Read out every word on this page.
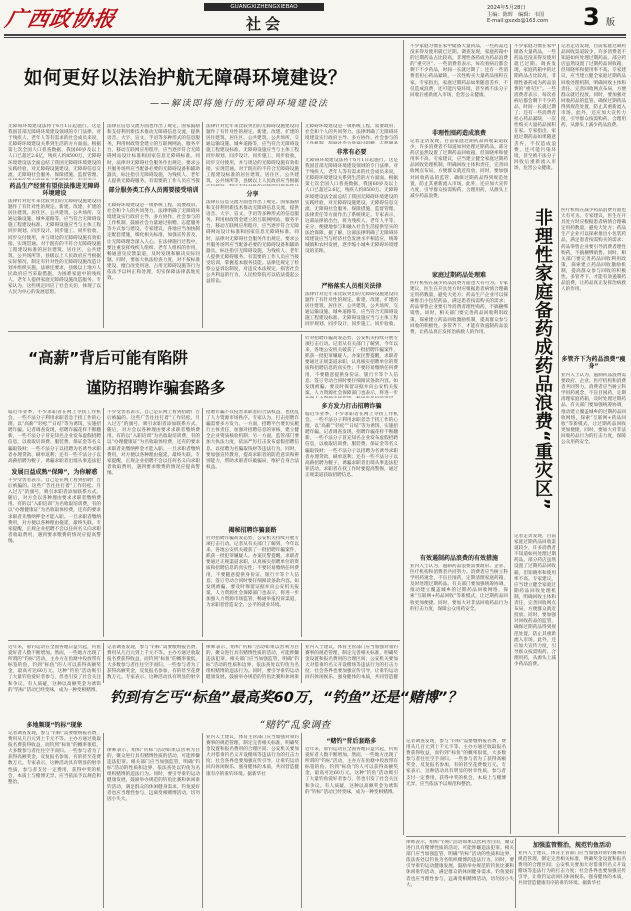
广西政协报	GUANGXIZHENGXIEBAO
社会
2024年5月28日
主编：陈辉　编辑：韦国
E-mail:gxzxb@163.com	3 版
如何更好以法治护航无障碍环境建设？
——解读即将施行的无障碍环境建设法
无障碍环境建设法将于6月1日起施行。这是我国首部无障碍环境建设领域的专门法律。对于残疾人、老年人等有需求的社会成员来说，无障碍环境建设关系到生活的方方面面。根据第七次全国人口普查数据，我国60岁及以上人口已超过2.6亿，残疾人约8500万。无障碍环境建设法全面总结了我国无障碍环境建设的实践经验，对无障碍设施建设、无障碍信息交流、无障碍社会服务、保障措施、监督管理、
药品生产经营有望依法推进无障碍环境建设
法律针对近年来比较突出的无障碍设施建设问题作了有针对性的规定。新建、改建、扩建的居住建筑、居住区、公共建筑、公共场所、交通运输设施、城乡道路等，应当符合无障碍设施工程建设标准。无障碍设施应当与主体工程同步规划、同步设计、同步施工、同步验收、同步交付使用，并与周边的无障碍设施有效衔接、实现贯通。对于既有的不符合无障碍设施工程建设标准的居住建筑、居住区、公共建筑、公共场所等，县级以上人民政府应当根据实际情况，制定有针对性的无障碍设施改造计划并组织实施。法律还要求，县级以上地方人民政府应当采取措施，为困难家庭中的残疾人、老年人提供家庭无障碍设施改造服务。专家认为，这些规定回应了社会关切，体现了以人民为中心的发展思想。
法律在信息交流方面也作出了规定。国家鼓励和支持利用新技术推动无障碍信息交流，提供语音、大字、盲文、手语等多种形式的信息服务。利用财政资金建立的互联网网站、服务平台、移动互联网应用程序，应当逐步符合无障碍网站设计标准和国家信息无障碍标准。同时，法律对无障碍社会服务作出规定，要求公共服务场所应当配备必要的无障碍设备和辅助器具，标注指引无障碍设施，为残疾人、老年人提供无障碍服务。有需要的工作人员应当接
部分服务类工作人员需要接受培训
无障碍环境建设是一项系统工程，需要政府、社会和个人的共同努力。法律明确了无障碍环境建设实行政府主导、多方协作、社会参与的工作机制，鼓励社会力量通过捐赠、志愿服务等方式参与建设。专家建议，各地应当加快制定配套措施，细化相关标准，加强宣传普及，让无障碍理念深入人心。在法律施行过程中，要注重发挥残疾人组织、老年人组织的作用，畅通意见反馈渠道，及时发现和解决实际问题。同时，要加大执法检查力度，对不按标准建设、擅自改变用途、占用无障碍设施等行为依法予以纠正和处理，切实保障法律落地见效。
法律针对近年来比较突出的无障碍设施建设问题作了有针对性的规定。新建、改建、扩建的居住建筑、居住区、公共建筑、公共场所、交通运输设施、城乡道路等，应当符合无障碍设施工程建设标准。无障碍设施应当与主体工程同步规划、同步设计、同步施工、同步验收、同步交付使用，并与周边的无障碍设施有效衔接、实现贯通。对于既有的不符合无障碍设施工程建设标准的居住建筑、居住区、公共建筑、公共场所等，县级以上人民政府应当根据
分享
法律在信息交流方面也作出了规定。国家鼓励和支持利用新技术推动无障碍信息交流，提供语音、大字、盲文、手语等多种形式的信息服务。利用财政资金建立的互联网网站、服务平台、移动互联网应用程序，应当逐步符合无障碍网站设计标准和国家信息无障碍标准。同时，法律对无障碍社会服务作出规定，要求公共服务场所应当配备必要的无障碍设备和辅助器具，标注指引无障碍设施，为残疾人、老年人提供无障碍服务。有需要的工作人员应当接受培训，掌握基本服务技能。法律还规定了检察公益诉讼制度，对违反本法规定，损害社会公共利益的行为，人民检察院可以依法提起公益诉讼。
无障碍环境建设是一项系统工程，需要政府、社会和个人的共同努力。法律明确了无障碍环境建设实行政府主导、多方协作、社会参与的
非常有必要
无障碍环境建设法将于6月1日起施行。这是我国首部无障碍环境建设领域的专门法律。对于残疾人、老年人等有需求的社会成员来说，无障碍环境建设关系到生活的方方面面。根据第七次全国人口普查数据，我国60岁及以上人口已超过2.6亿，残疾人约8500万。无障碍环境建设法全面总结了我国无障碍环境建设的实践经验，对无障碍设施建设、无障碍信息交流、无障碍社会服务、保障措施、监督管理、法律责任等方面作出了系统规定。专家表示，这部法律的出台，将为残疾人、老年人平等、充分、便捷地参与和融入社会生活提供坚实的法治保障。据了解，这部法律明确了无障碍环境建设应当与经济社会发展水平相适应，统筹城镇和农村发展，逐步缩小城乡无障碍环境建设的差距。
严格落实人员相关法律
法律针对近年来比较突出的无障碍设施建设问题作了有针对性的规定。新建、改建、扩建的居住建筑、居住区、公共建筑、公共场所、交通运输设施、城乡道路等，应当符合无障碍设施工程建设标准。无障碍设施应当与主体工程同步规划、同步设计、同步施工、同步验收、
“高薪”背后可能有陷阱
谨防招聘诈骗套路多
临近毕业季，不少求职者在网上寻找工作机会。一些不法分子利用求职者急于找工作的心理，以“高薪”“轻松”“日结”等为诱饵，实施招聘诈骗。记者调查发现，招聘诈骗花样不断翻新，一些不法分子冒充知名企业发布虚假招聘信息，以收取培训费、服装费、保证金等名义骗取钱财；一些不法分子以招聘为名诱导求职者办理贷款、刷单返利；还有一些不法分子以高薪招聘为幌子，诱骗求职者出境从事违法犯
发展日益成熟“保障”，为你解惑
不少受害者表示，自己是在网上看到招聘广告后被骗的。这些广告往往打着“工作轻松、月入过万”的旗号，吸引求职者添加联系方式。随后，对方会以各种理由要求求职者缴纳费用。有的以“入职培训”为名收取培训费，有的以“办理健康证”为名收取体检费，还有的要求求职者先缴纳押金才能入职。一旦求职者缴纳费用，对方便以各种理由拖延，最终失联。专家提醒，正规企业招聘不会以任何名义向求职者收取费用，遇到要求缴费的情况应提高警惕。
不少受害者表示，自己是在网上看到招聘广告后被骗的。这些广告往往打着“工作轻松、月入过万”的旗号，吸引求职者添加联系方式。随后，对方会以各种理由要求求职者缴纳费用。有的以“入职培训”为名收取培训费，有的以“办理健康证”为名收取体检费，还有的要求求职者先缴纳押金才能入职。一旦求职者缴纳费用，对方便以各种理由拖延，最终失联。专家提醒，正规企业招聘不会以任何名义向求职者收取费用，遇到要求缴费的情况应提高警惕。
招聘诈骗不仅侵害求职者的合法权益，也扰乱了人力资源市场秩序。专家认为，打击招聘诈骗需要多方发力。一方面，招聘平台要切实履行主体责任，加强对招聘信息的审核，建立健全企业资质核验机制；另一方面，监管部门要加大执法力度，依法严厉打击发布虚假招聘信息、以招聘为名骗取钱财等违法行为。同时，要加强宣传教育，提高求职者的防范意识和辨别能力，帮助求职者识破骗局，维护自身合法权益。
揭秘招聘诈骗套路
针对招聘诈骗高发态势，公安机关持续开展专项打击行动。记者从有关部门了解到，今年以来，各地公安机关破获了一批招聘诈骗案件，抓获一批犯罪嫌疑人。办案民警提醒，求职者要通过正规渠道求职，认真核实招聘单位的资质和招聘信息的真实性；不要轻易缴纳任何费用，不要随意提供身份证、银行卡等个人信息；签订劳动合同时要仔细阅读条款内容。如发现被骗，要及时保留证据并向公安机关报案。人力资源社会保障部门也表示，将进一步加强人力资源市场监管，畅通举报投诉渠道，为求职者营造安全、公平的就业环境。
针对招聘诈骗高发态势，公安机关持续开展专项打击行动。记者从有关部门了解到，今年以来，各地公安机关破获了一批招聘诈骗案件，抓获一批犯罪嫌疑人。办案民警提醒，求职者要通过正规渠道求职，认真核实招聘单位的资质和招聘信息的真实性；不要轻易缴纳任何费用，不要随意提供身份证、银行卡等个人信息；签订劳动合同时要仔细阅读条款内容。如发现被骗，要及时保留证据并向公安机关报案。人力资源社会保障部门也表示，将进一步
多方发力打击招聘诈骗
临近毕业季，不少求职者在网上寻找工作机会。一些不法分子利用求职者急于找工作的心理，以“高薪”“轻松”“日结”等为诱饵，实施招聘诈骗。记者调查发现，招聘诈骗花样不断翻新，一些不法分子冒充知名企业发布虚假招聘信息，以收取培训费、服装费、保证金等名义骗取钱财；一些不法分子以招聘为名诱导求职者办理贷款、刷单返利；还有一些不法分子以高薪招聘为幌子，诱骗求职者出境从事违法犯罪活动。求职者在找工作时要提高警惕，通过正规渠道获取招聘信息。
不少家庭习惯在家中储备大量药品，一些药品还没来得及使用就已过期。调查发现，家庭药箱中的过期药品占比较高，非理性备药成为药品浪费的“重灾区”。一些消费者表示，每次看病后都会剩下不少药品，时间一长就过期了；还有一些消费者担心药品紧缺，一次性购买大量药品囤积在家。专家指出，家庭过期药品如果随意丢弃，不仅造成浪费，还可能污染环境，甚至被不法分子回收后重新流入市场，危害公众健康。
非理性囤药造成浪费
记者走访发现，目前家庭过期药品回收渠道较少，许多消费者不知道如何处理过期药品。部分药店虽然设置了过期药品回收箱，但知晓率和使用率不高。专家建议，应当建立健全家庭过期药品回收处理机制，明确回收主体和责任，完善回收网点布局，方便群众就近投放。同时，要加强对回收药品的监管，确保过期药品得到规范处置，防止其重新流入市场。此外，还应加大宣传力度，引导群众按需购药、合理用药，从源头上减少药品浪费。
家庭过期药品处理难
医疗机构在减少药品浪费方面也大有可为。专家建议，医生在开具处方时应根据患者病情合理确定用药数量，避免大处方；药品生产企业可以探索推出小包装药品，满足患者按需购买的需求；药品零售企业要引导消费者理性购药，不搞捆绑销售。同时，相关部门要完善药品回收利用政策，探索建立药品回收激励机制，提高群众参与回收的积极性。多管齐下，才能有效遏制药品浪费，让药品真正发挥治病救人的作用。
有效遏制药品浪费的有效措施
业内人士认为，遏制药品浪费需要政府、企业、医疗机构和消费者共同努力。消费者应当树立科学用药观念，不盲目囤药，定期清理家庭药箱，及时处理过期药品。有关部门要加强统筹协调，推动建立覆盖城乡的过期药品回收网络，探索“互联网+药品回收”等新模式，让过期药品回收更加便捷。同时，要加大对非法回收药品行为的打击力度，保障公众用药安全。
非理性家庭备药成药品浪费“重灾区”
记者走访发现，目前家庭过期药品回收渠道较少，许多消费者不知道如何处理过期药品。部分药店虽然设置了过期药品回收箱，但知晓率和使用率不高。专家建议，应当建立健全家庭过期药品回收处理机制，明确回收主体和责任，完善回收网点布局，方便群众就近投放。同时，要加强对回收药品的监管，确保过期药品得到规范处置，防止其重新流入市场。此外，还应加大宣传力度，引导群众按需购药、合理用药，从源头上减少药品浪费。
多管齐下为药品浪费“瘦身”
医疗机构在减少药品浪费方面也大有可为。专家建议，医生在开具处方时应根据患者病情合理确定用药数量，避免大处方；药品生产企业可以探索推出小包装药品，满足患者按需购买的需求；药品零售企业要引导消费者理性购药，不搞捆绑销售。同时，相关部门要完善药品回收利用政策，探索建立药品回收激励机制，提高群众参与回收的积极性。多管齐下，才能有效遏制药品浪费，让药品真正发挥治病救人的作用。
业内人士认为，遏制药品浪费需要政府、企业、医疗机构和消费者共同努力。消费者应当树立科学用药观念，不盲目囤药，定期清理家庭药箱，及时处理过期药品。有关部门要加强统筹协调，推动建立覆盖城乡的过期药品回收网络，探索“互联网+药品回收”等新模式，让过期药品回收更加便捷。同时，要加大对非法回收药品行为的打击力度，保障公众用药安全。
不少家庭习惯在家中储备大量药品，一些药品还没来得及使用就已过期。调查发现，家庭药箱中的过期药品占比较高，非理性备药成为药品浪费的“重灾区”。一些消费者表示，每次看病后都会剩下不少药品，时间一长就过期了；还有一些消费者担心药品紧缺，一次性购买大量药品囤积在家。专家指出，家庭过期药品如果随意丢弃，不仅造成浪费，还可能污染环境，甚至被不法分子回收后重新流入市场，危害公众健康。
记者走访发现，目前家庭过期药品回收渠道较少，许多消费者不知道如何处理过期药品。部分药店虽然设置了过期药品回收箱，但知晓率和使用率不高。专家建议，应当建立健全家庭过期药品回收处理机制，明确回收主体和责任，完善回收网点布局，方便群众就近投放。同时，要加强对回收药品的监管，确保过期药品得到规范处置，防止其重新流入市场。此外，还应加大宣传力度，引导群众按需购药、合理用药，从源头上减少药品浪费。
近年来，垂钓运动在全国各地日益兴起，钓鱼爱好者人数不断增加。然而，一些地方出现了所谓的“钓标”活动，主办方在鱼塘中投放带有标签的鱼，钓到“标鱼”的人可以获得高额奖金，最高可达60万元。这种“钓鱼”活动吸引了大量钓鱼爱好者参与，但也引发了社会关注和争议。有人质疑，这种以高额奖金为诱饵的“钓标”活动已经变味，成为一种变相赌博。
多地频现“钓标”现象
记者调查发现，参与“钓标”需要缴纳报名费，费用从几百元到上千元不等。主办方通过收取报名费获得收益，而钓到“标鱼”的概率很低，大多数参与者往往空手而归。一些参与者为了获得高额奖金，反复报名参加，有的甚至花费数万元。专家表示，这种活动具有明显的射幸性质，参与者支付一定费用，获得中奖的机会，本质上与赌博无异，应当依法予以规范和整治。
记者调查发现，参与“钓标”需要缴纳报名费，费用从几百元到上千元不等。主办方通过收取报名费获得收益，而钓到“标鱼”的概率很低，大多数参与者往往空手而归。一些参与者为了获得高额奖金，反复报名参加，有的甚至花费数万元。专家表示，这种活动具有明显的射幸
律师表示，组织“钓标”活动如果以营利为目的，聚众进行具有赌博性质的活动，可能涉嫌违法犯罪。相关部门应当加强监管，明确“钓标”活动的性质和边界，依法查处以钓鱼为名组织赌博的违法行为。同时，要引导垂钓运动健康发展，鼓励举办规范的钓鱼比赛和休闲垂钓活动，满足群众的休闲健身需求。钓鱼爱好者也应当理性参与，远离变相赌博活动，切勿因小失大。
钓到有乞丐“标鱼”最高奖60万，“钓鱼”还是“赌博”？
“赌钓”乱象调查
律师表示，组织“钓标”活动如果以营利为目的，聚众进行具有赌博性质的活动，可能涉嫌违法犯罪。相关部门应当加强监管，明确“钓标”活动的性质和边界，依法查处以钓鱼为名组织赌博的违法行为。同时，要引导垂钓运动健康发展，鼓励举办规范的钓鱼比赛和休闲垂
业内人士建议，体育主管部门应当加强对垂钓赛事的规范管理，制定完善相关标准，明确奖金设置和报名费用的合理区间；公安机关要加大对借垂钓名义开设赌场等违法行为的打击力度；社会各界也要加强宣传引导，让垂钓运动回归休闲娱乐、强身健体的本质，共同营造健康有序的垂钓环境。据新华社
业内人士建议，体育主管部门应当加强对垂钓赛事的规范管理，制定完善相关标准，明确奖金设置和报名费用的合理区间；公安机关要加大对借垂钓名义开设赌场等违法行为的打击力度；社会各界也要加强宣传引导，让垂钓运动回归休闲娱乐、强身健体的本质，共同营造健
“赌钓”背后套路多
近年来，垂钓运动在全国各地日益兴起，钓鱼爱好者人数不断增加。然而，一些地方出现了所谓的“钓标”活动，主办方在鱼塘中投放带有标签的鱼，钓到“标鱼”的人可以获得高额奖金，最高可达60万元。这种“钓鱼”活动吸引了大量钓鱼爱好者参与，但也引发了社会关注和争议。有人质疑，这种以高额奖金为诱饵的“钓标”活动已经变味，成为一种变相赌博。
记者调查发现，参与“钓标”需要缴纳报名费，费用从几百元到上千元不等。主办方通过收取报名费获得收益，而钓到“标鱼”的概率很低，大多数参与者往往空手而归。一些参与者为了获得高额奖金，反复报名参加，有的甚至花费数万元。专家表示，这种活动具有明显的射幸性质，参与者支付一定费用，获得中奖的机会，本质上与赌博无异，应当依法予以规范和整治。
律师表示，组织“钓标”活动如果以营利为目的，聚众进行具有赌博性质的活动，可能涉嫌违法犯罪。相关部门应当加强监管，明确“钓标”活动的性质和边界，依法查处以钓鱼为名组织赌博的违法行为。同时，要引导垂钓运动健康发展，鼓励举办规范的钓鱼比赛和休闲垂钓活动，满足群众的休闲健身需求。钓鱼爱好者也应当理性参与，远离变相赌博活动，切勿因小失大。
加强监管整治，规范钓鱼活动
业内人士建议，体育主管部门应当加强对垂钓赛事的规范管理，制定完善相关标准，明确奖金设置和报名费用的合理区间；公安机关要加大对借垂钓名义开设赌场等违法行为的打击力度；社会各界也要加强宣传引导，让垂钓运动回归休闲娱乐、强身健体的本质，共同营造健康有序的垂钓环境。据新华社
